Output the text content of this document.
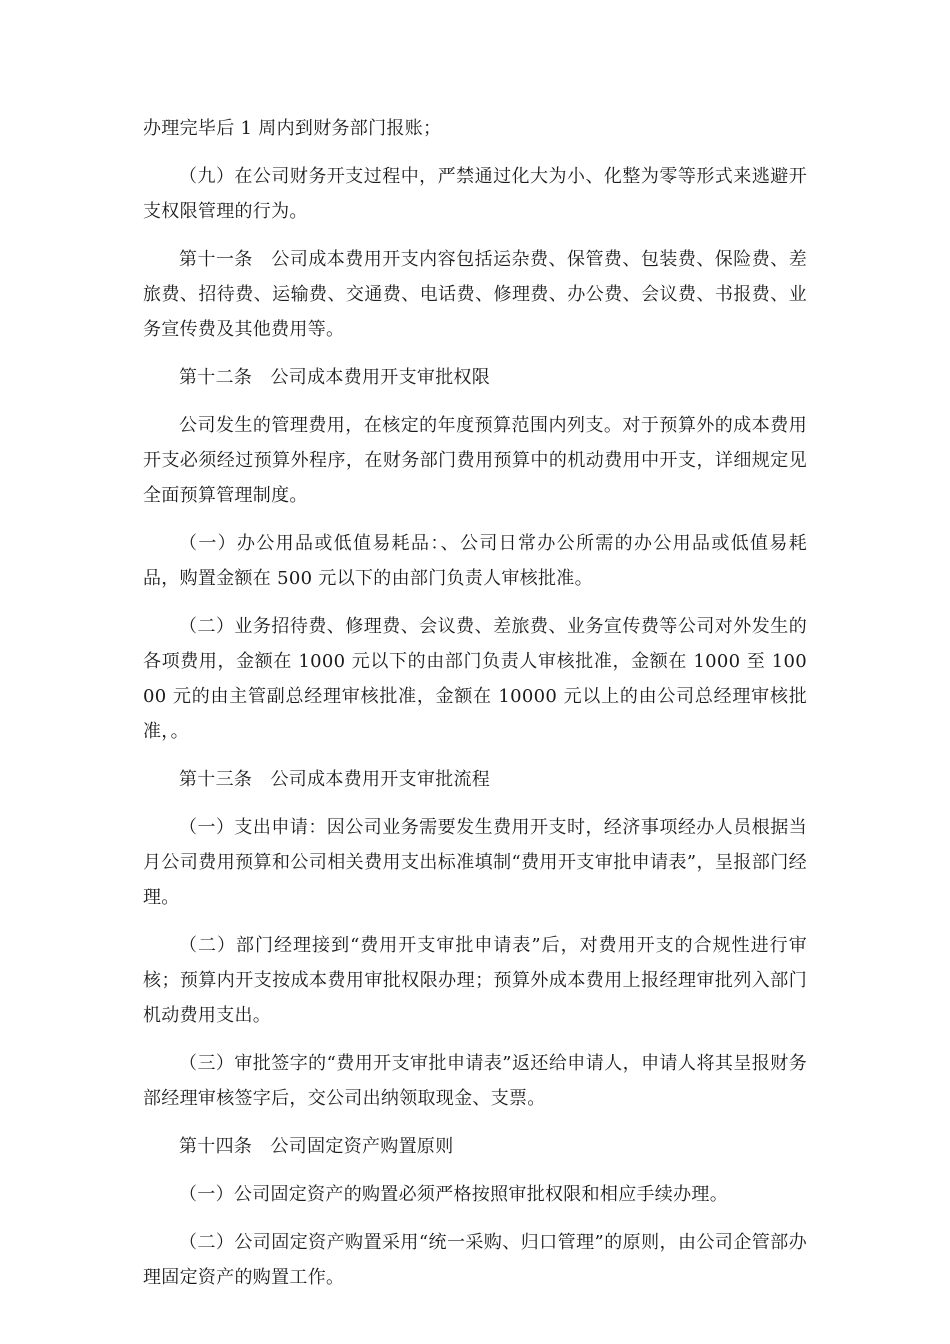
办理完毕后 1 周内到财务部门报账；

（九）在公司财务开支过程中，严禁通过化大为小、化整为零等形式来逃避开支权限管理的行为。

第十一条　公司成本费用开支内容包括运杂费、保管费、包装费、保险费、差旅费、招待费、运输费、交通费、电话费、修理费、办公费、会议费、书报费、业务宣传费及其他费用等。

第十二条　公司成本费用开支审批权限

公司发生的管理费用，在核定的年度预算范围内列支。对于预算外的成本费用开支必须经过预算外程序，在财务部门费用预算中的机动费用中开支，详细规定见全面预算管理制度。

（一）办公用品或低值易耗品：、公司日常办公所需的办公用品或低值易耗品，购置金额在 500 元以下的由部门负责人审核批准。

（二）业务招待费、修理费、会议费、差旅费、业务宣传费等公司对外发生的各项费用，金额在 1000 元以下的由部门负责人审核批准，金额在 1000 至 10000 元的由主管副总经理审核批准，金额在 10000 元以上的由公司总经理审核批准，。

第十三条　公司成本费用开支审批流程

（一）支出申请：因公司业务需要发生费用开支时，经济事项经办人员根据当月公司费用预算和公司相关费用支出标准填制“费用开支审批申请表”，呈报部门经理。

（二）部门经理接到“费用开支审批申请表”后，对费用开支的合规性进行审核；预算内开支按成本费用审批权限办理；预算外成本费用上报经理审批列入部门机动费用支出。

（三）审批签字的“费用开支审批申请表”返还给申请人，申请人将其呈报财务部经理审核签字后，交公司出纳领取现金、支票。

第十四条　公司固定资产购置原则

（一）公司固定资产的购置必须严格按照审批权限和相应手续办理。

（二）公司固定资产购置采用“统一采购、归口管理”的原则，由公司企管部办理固定资产的购置工作。
